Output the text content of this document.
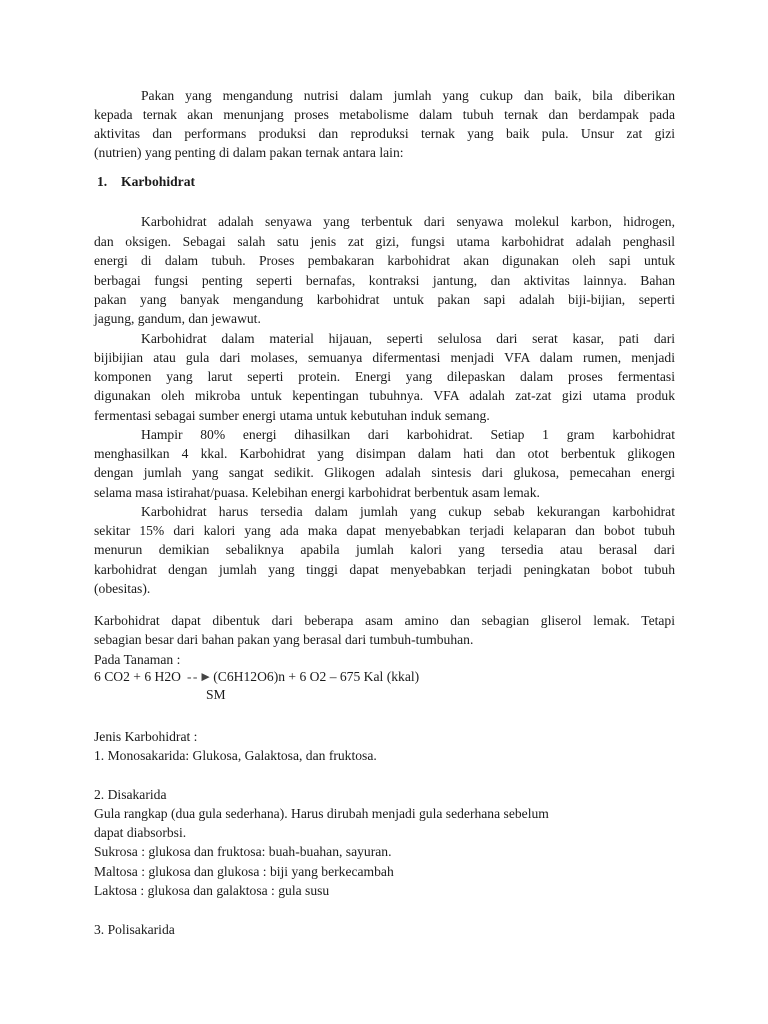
Pakan yang mengandung nutrisi dalam jumlah yang cukup dan baik, bila diberikan
kepada ternak akan menunjang proses metabolisme dalam tubuh ternak dan berdampak pada
aktivitas dan performans produksi dan reproduksi ternak yang baik pula. Unsur zat gizi
(nutrien) yang penting di dalam pakan ternak antara lain:
1. Karbohidrat
Karbohidrat adalah senyawa yang terbentuk dari senyawa molekul karbon, hidrogen,
dan oksigen. Sebagai salah satu jenis zat gizi, fungsi utama karbohidrat adalah penghasil
energi di dalam tubuh. Proses pembakaran karbohidrat akan digunakan oleh sapi untuk
berbagai fungsi penting seperti bernafas, kontraksi jantung, dan aktivitas lainnya. Bahan
pakan yang banyak mengandung karbohidrat untuk pakan sapi adalah biji-bijian, seperti
jagung, gandum, dan jewawut.
Karbohidrat dalam material hijauan, seperti selulosa dari serat kasar, pati dari
bijibijian atau gula dari molases, semuanya difermentasi menjadi VFA dalam rumen, menjadi
komponen yang larut seperti protein. Energi yang dilepaskan dalam proses fermentasi
digunakan oleh mikroba untuk kepentingan tubuhnya. VFA adalah zat-zat gizi utama produk
fermentasi sebagai sumber energi utama untuk kebutuhan induk semang.
Hampir 80% energi dihasilkan dari karbohidrat. Setiap 1 gram karbohidrat
menghasilkan 4 kkal. Karbohidrat yang disimpan dalam hati dan otot berbentuk glikogen
dengan jumlah yang sangat sedikit. Glikogen adalah sintesis dari glukosa, pemecahan energi
selama masa istirahat/puasa. Kelebihan energi karbohidrat berbentuk asam lemak.
Karbohidrat harus tersedia dalam jumlah yang cukup sebab kekurangan karbohidrat
sekitar 15% dari kalori yang ada maka dapat menyebabkan terjadi kelaparan dan bobot tubuh
menurun demikian sebaliknya apabila jumlah kalori yang tersedia atau berasal dari
karbohidrat dengan jumlah yang tinggi dapat menyebabkan terjadi peningkatan bobot tubuh
(obesitas).
Karbohidrat dapat dibentuk dari beberapa asam amino dan sebagian gliserol lemak. Tetapi
sebagian besar dari bahan pakan yang berasal dari tumbuh-tumbuhan.
Pada Tanaman :
6 CO2 + 6 H2O - - ► (C6H12O6)n + 6 O2 – 675 Kal (kkal)
SM
Jenis Karbohidrat :
1. Monosakarida: Glukosa, Galaktosa, dan fruktosa.
2. Disakarida
Gula rangkap (dua gula sederhana). Harus dirubah menjadi gula sederhana sebelum
dapat diabsorbsi.
Sukrosa : glukosa dan fruktosa: buah-buahan, sayuran.
Maltosa : glukosa dan glukosa : biji yang berkecambah
Laktosa : glukosa dan galaktosa : gula susu
3. Polisakarida
